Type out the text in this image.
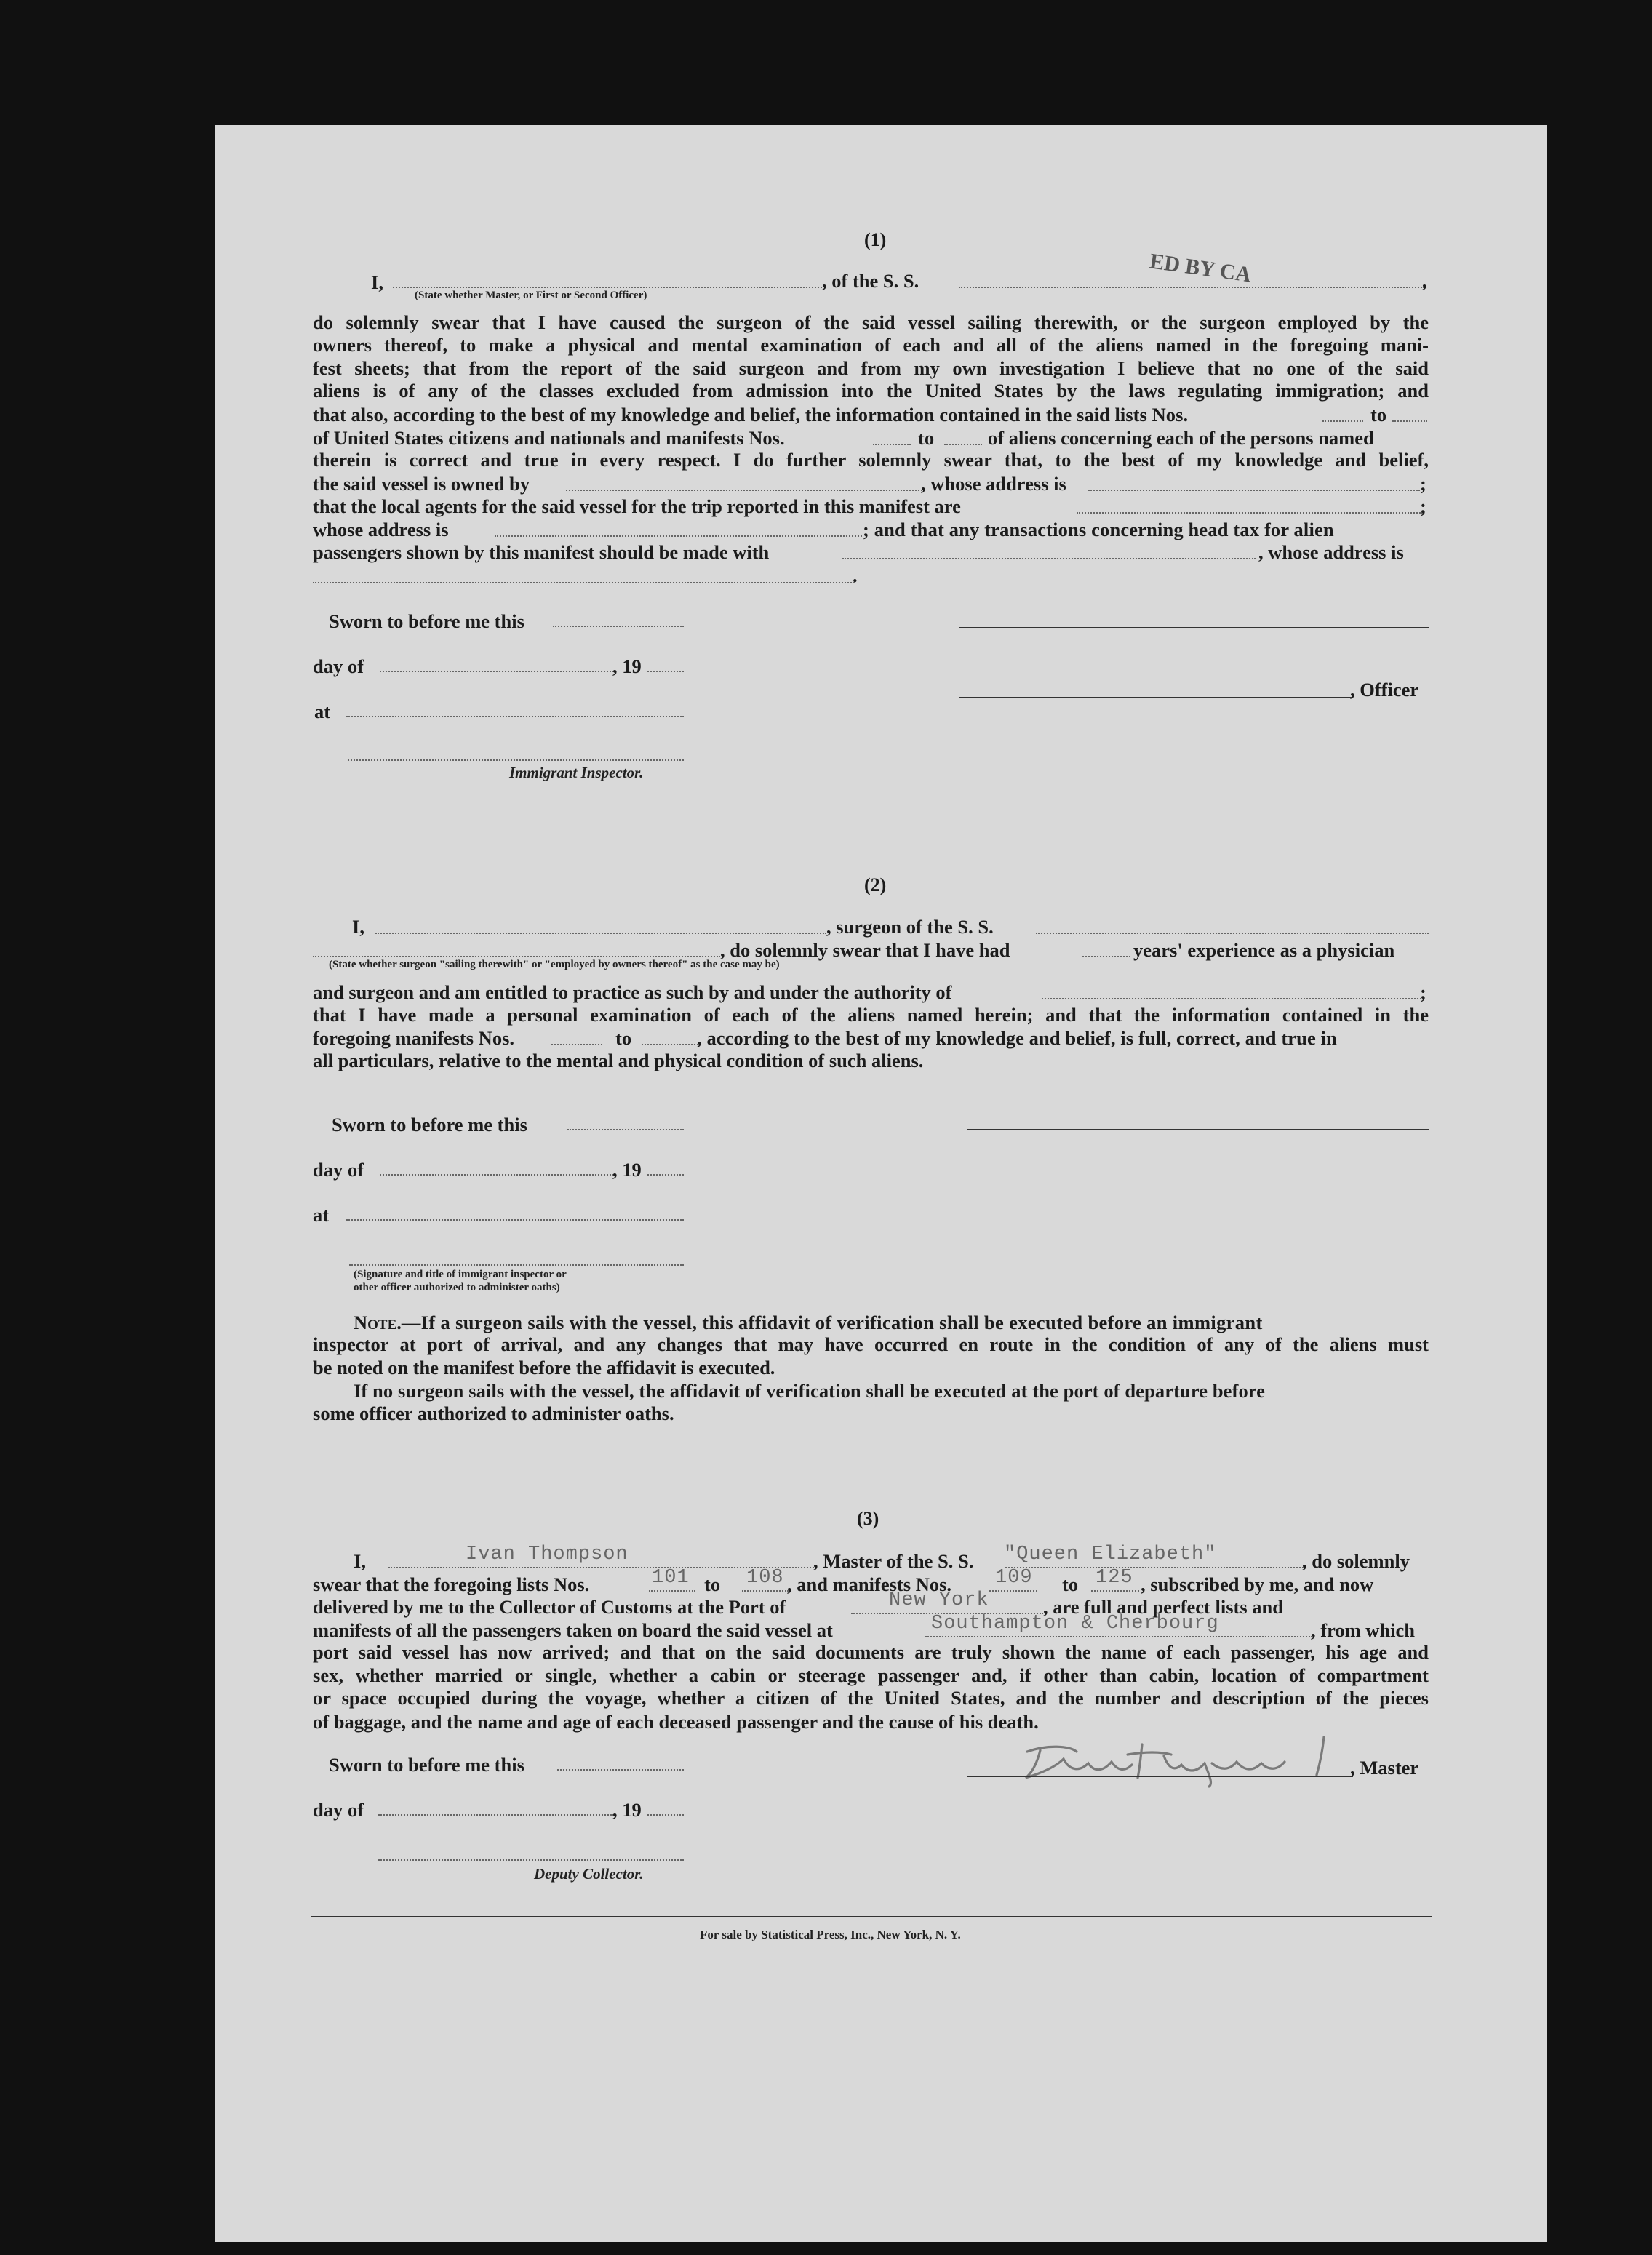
ED BY CA
(1)
I,
(State whether Master, or First or Second Officer)
, of the S. S.	,
do solemnly swear that I have caused the surgeon of the said vessel sailing therewith, or the surgeon employed by the
owners thereof, to make a physical and mental examination of each and all of the aliens named in the foregoing mani-
fest sheets; that from the report of the said surgeon and from my own investigation I believe that no one of the said
aliens is of any of the classes excluded from admission into the United States by the laws regulating immigration; and
that also, according to the best of my knowledge and belief, the information contained in the said lists Nos.	to
of United States citizens and nationals and manifests Nos.	to	of aliens concerning each of the persons named
therein is correct and true in every respect. I do further solemnly swear that, to the best of my knowledge and belief,
the said vessel is owned by	, whose address is	;
that the local agents for the said vessel for the trip reported in this manifest are	;
whose address is	; and that any transactions concerning head tax for alien
passengers shown by this manifest should be made with	, whose address is
.
Sworn to before me this
day of	, 19
at
, Officer
Immigrant Inspector.
(2)
I,	, surgeon of the S. S.
(State whether surgeon "sailing therewith" or "employed by owners thereof" as the case may be)
, do solemnly swear that I have had	years' experience as a physician
and surgeon and am entitled to practice as such by and under the authority of	;
that I have made a personal examination of each of the aliens named herein; and that the information contained in the
foregoing manifests Nos.	to	, according to the best of my knowledge and belief, is full, correct, and true in
all particulars, relative to the mental and physical condition of such aliens.
Sworn to before me this
day of	, 19
at
(Signature and title of immigrant inspector or
other officer authorized to administer oaths)
Note.—If a surgeon sails with the vessel, this affidavit of verification shall be executed before an immigrant
inspector at port of arrival, and any changes that may have occurred en route in the condition of any of the aliens must
be noted on the manifest before the affidavit is executed.
If no surgeon sails with the vessel, the affidavit of verification shall be executed at the port of departure before
some officer authorized to administer oaths.
(3)
I,	Ivan Thompson	, Master of the S. S. "Queen Elizabeth"	, do solemnly
swear that the foregoing lists Nos.	101 to 108 , and manifests Nos. 109 to 125 , subscribed by me, and now
delivered by me to the Collector of Customs at the Port of	New York	, are full and perfect lists and
manifests of all the passengers taken on board the said vessel at	Southampton & Cherbourg	, from which
port said vessel has now arrived; and that on the said documents are truly shown the name of each passenger, his age and
sex, whether married or single, whether a cabin or steerage passenger and, if other than cabin, location of compartment
or space occupied during the voyage, whether a citizen of the United States, and the number and description of the pieces
of baggage, and the name and age of each deceased passenger and the cause of his death.
Sworn to before me this	, Master
day of	, 19
Deputy Collector.
For sale by Statistical Press, Inc., New York, N. Y.
